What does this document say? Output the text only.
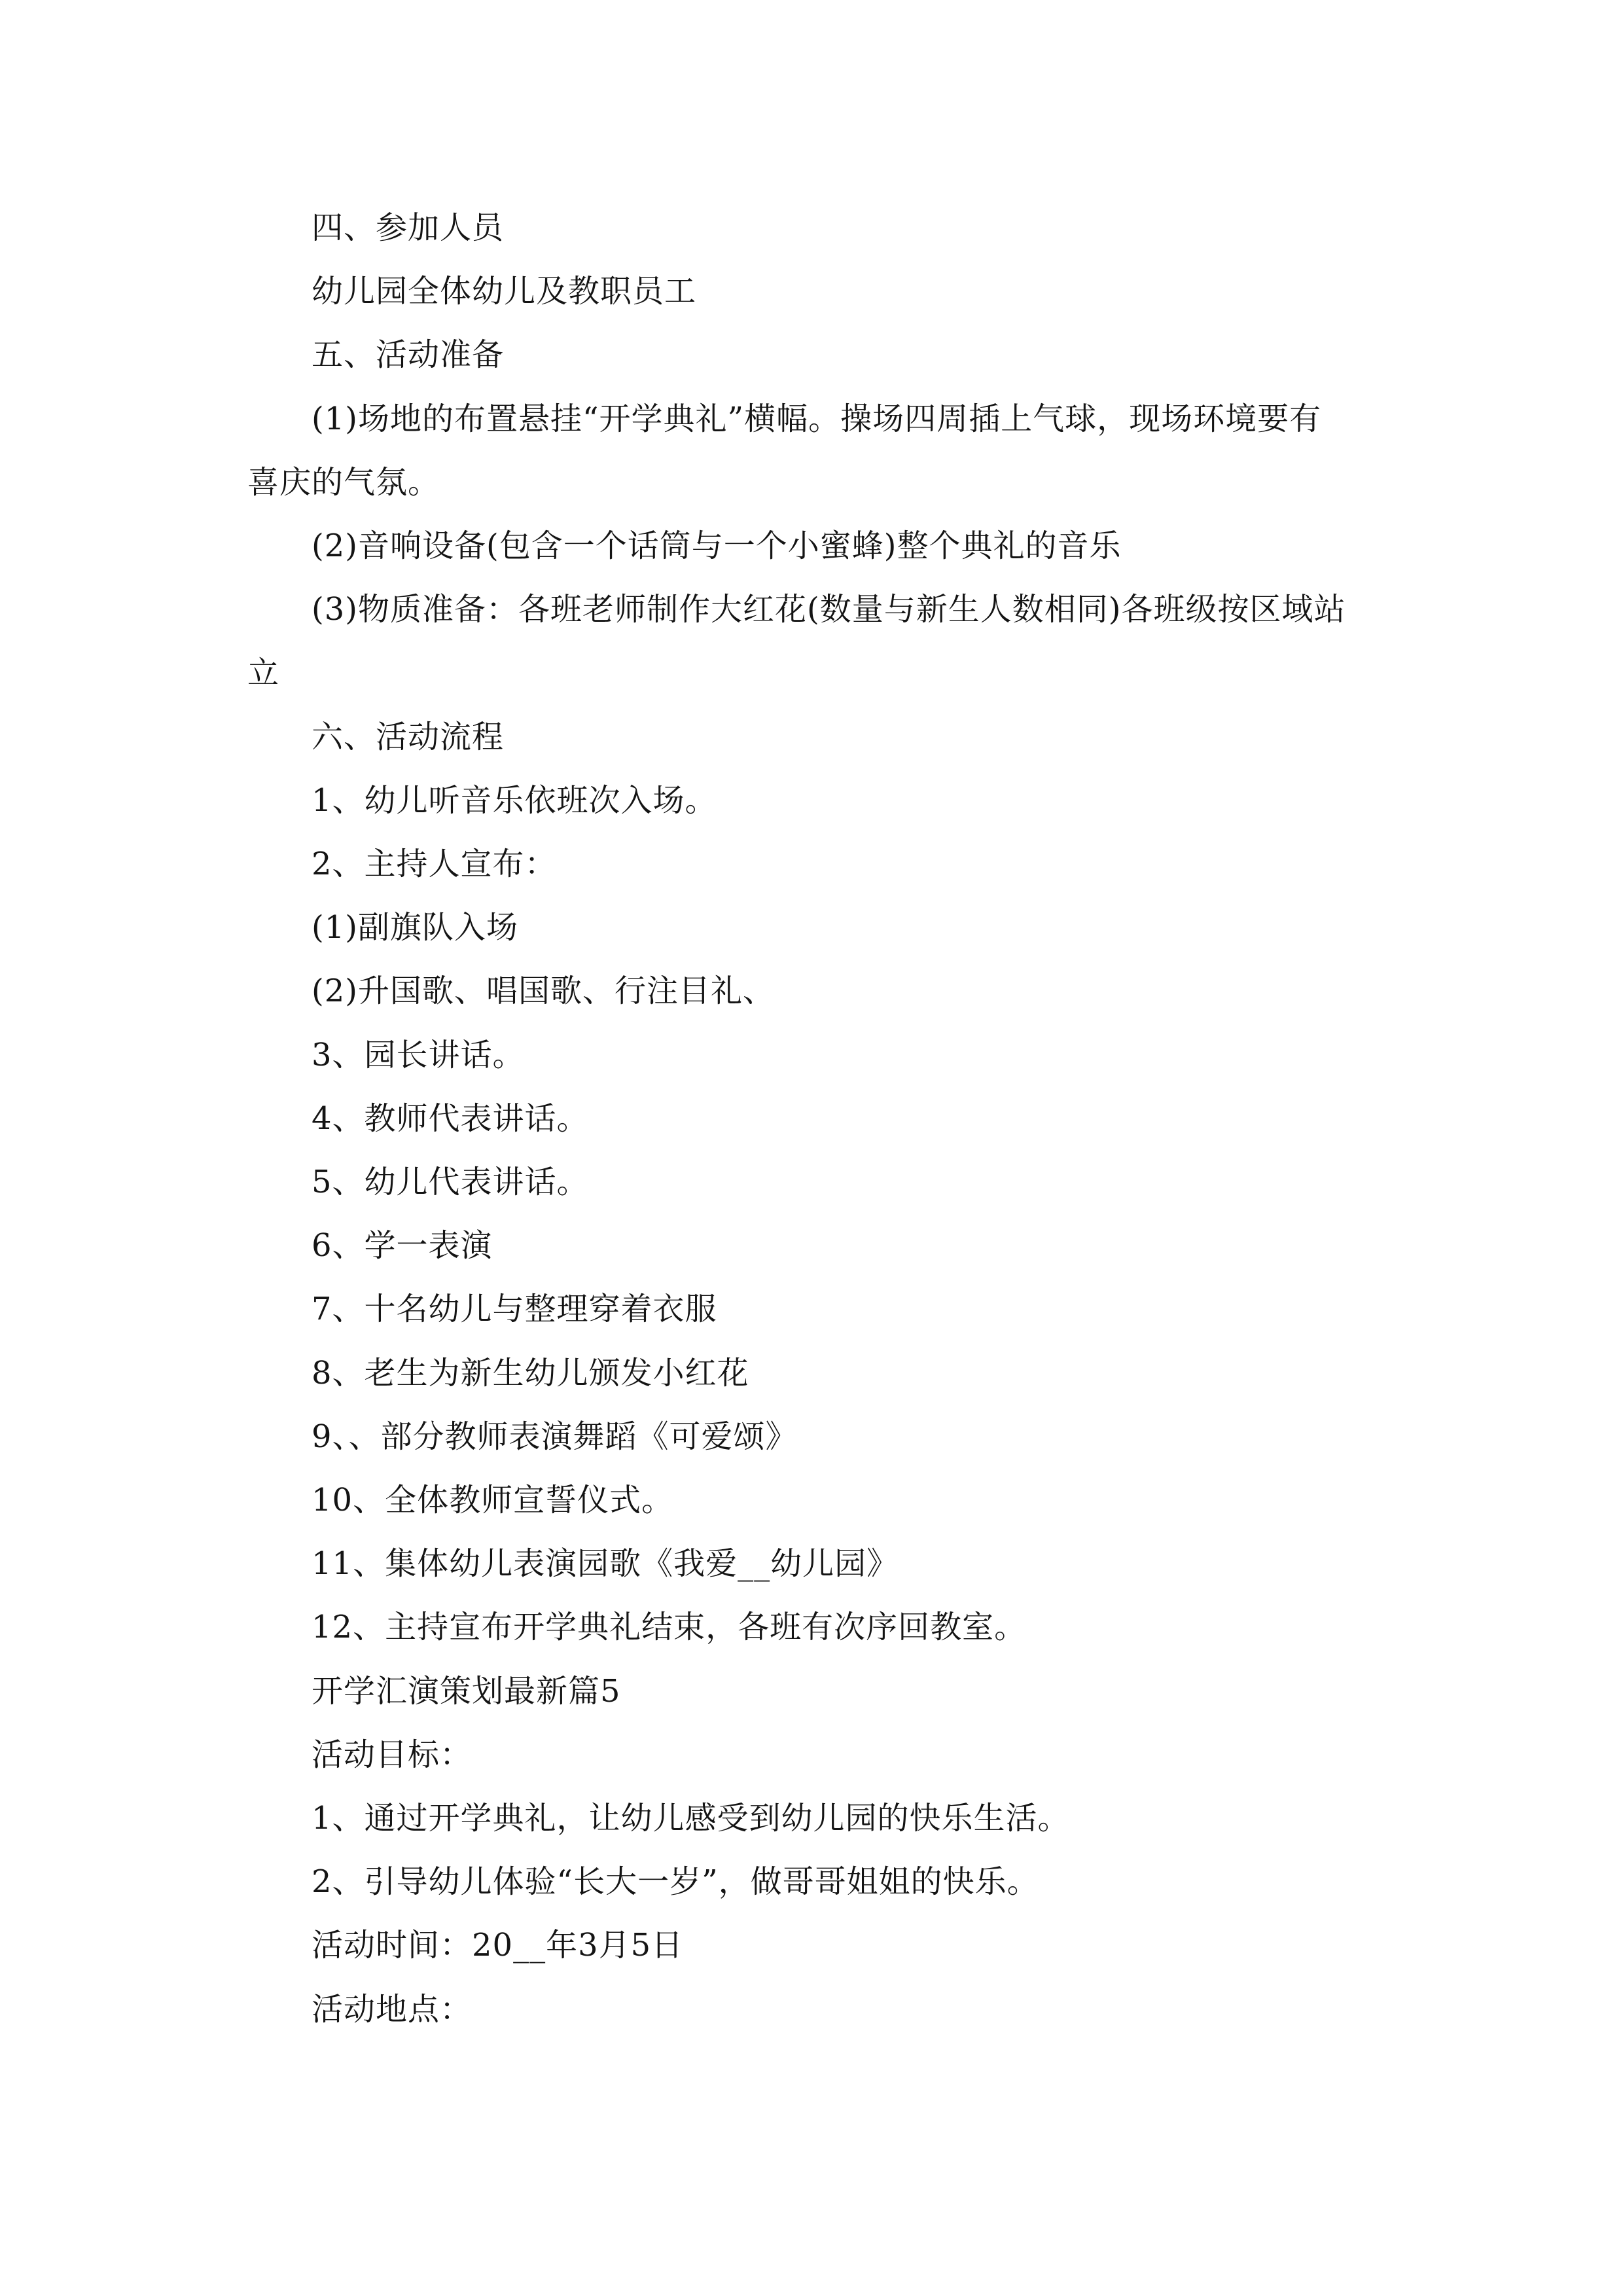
四、参加人员
幼儿园全体幼儿及教职员工
五、活动准备
(1)场地的布置悬挂“开学典礼”横幅。操场四周插上气球，现场环境要有
喜庆的气氛。
(2)音响设备(包含一个话筒与一个小蜜蜂)整个典礼的音乐
(3)物质准备：各班老师制作大红花(数量与新生人数相同)各班级按区域站
立
六、活动流程
1、幼儿听音乐依班次入场。
2、主持人宣布：
(1)副旗队入场
(2)升国歌、唱国歌、行注目礼、
3、园长讲话。
4、教师代表讲话。
5、幼儿代表讲话。
6、学一表演
7、十名幼儿与整理穿着衣服
8、老生为新生幼儿颁发小红花
9、、部分教师表演舞蹈《可爱颂》
10、全体教师宣誓仪式。
11、集体幼儿表演园歌《我爱__幼儿园》
12、主持宣布开学典礼结束，各班有次序回教室。
开学汇演策划最新篇5
活动目标：
1、通过开学典礼，让幼儿感受到幼儿园的快乐生活。
2、引导幼儿体验“长大一岁”，做哥哥姐姐的快乐。
活动时间：20__年3月5日
活动地点：
